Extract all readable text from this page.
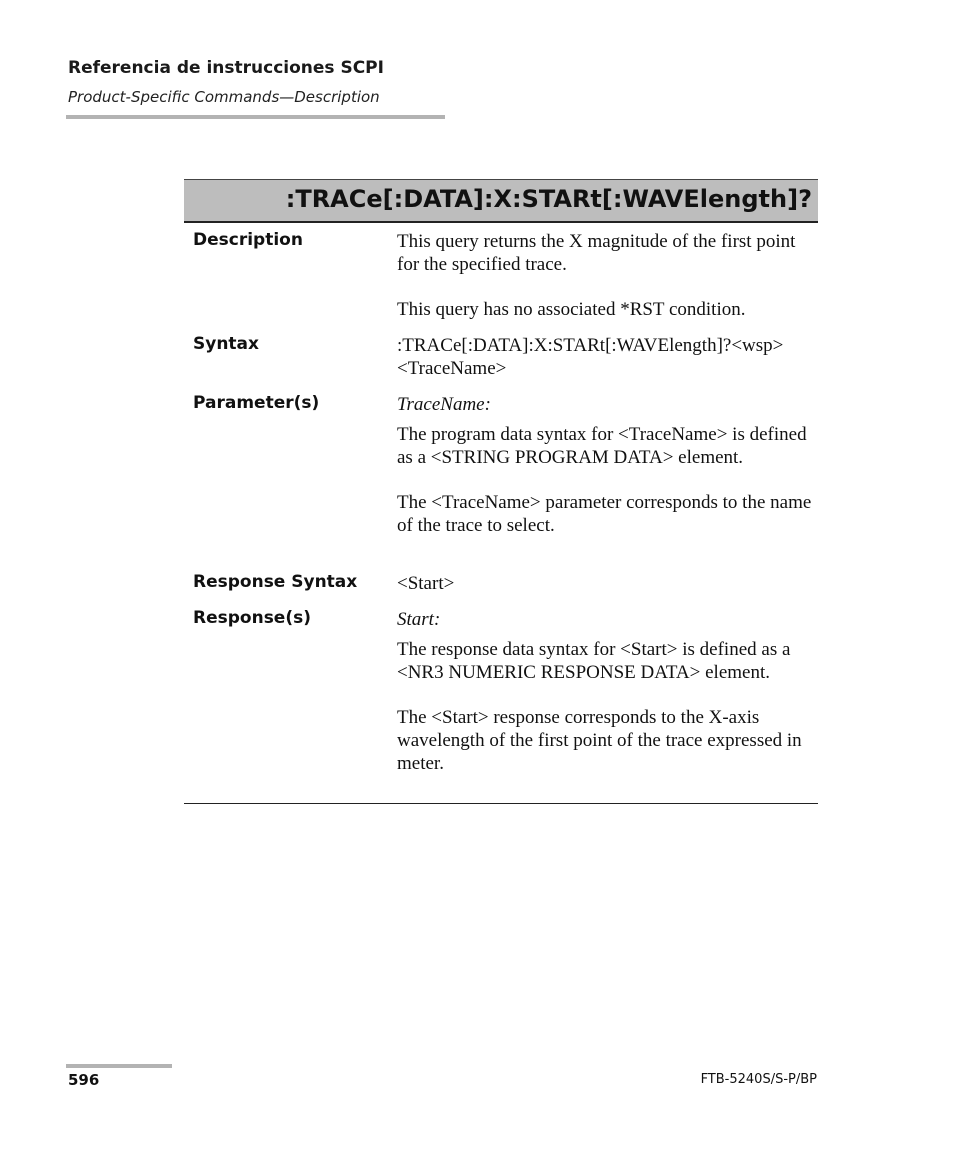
Referencia de instrucciones SCPI
Product-Specific Commands—Description
:TRACe[:DATA]:X:STARt[:WAVElength]?
Description	This query returns the X magnitude of the first point for the specified trace.

This query has no associated *RST condition.

Syntax	:TRACe[:DATA]:X:STARt[:WAVElength]?<wsp>

<TraceName>

Parameter(s)	TraceName:

The program data syntax for <TraceName> is defined as a <STRING PROGRAM DATA> element.

The <TraceName> parameter corresponds to the name of the trace to select.

Response Syntax <Start>

Response(s)	Start:

The response data syntax for <Start> is defined as a <NR3 NUMERIC RESPONSE DATA> element.

The <Start> response corresponds to the X-axis wavelength of the first point of the trace expressed in meter.

596	FTB-5240S/S-P/BP
